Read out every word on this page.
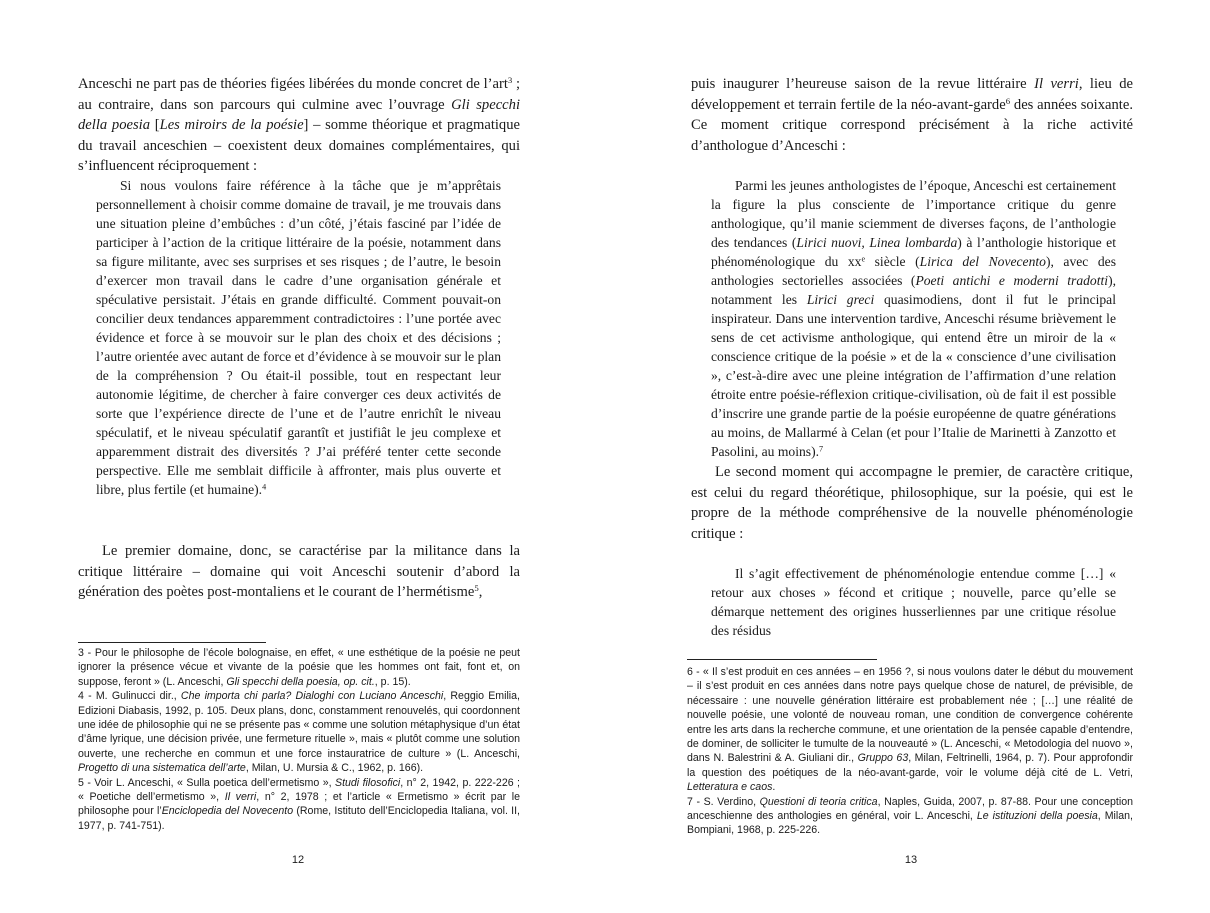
Anceschi ne part pas de théories figées libérées du monde concret de l’art$^3$ ; au contraire, dans son parcours qui culmine avec l’ouvrage Gli specchi della poesia [Les miroirs de la poésie] – somme théorique et pragmatique du travail anceschien – coexistent deux domaines complémentaires, qui s’influencent réciproquement :

Si nous voulons faire référence à la tâche que je m’apprêtais personnellement à choisir comme domaine de travail, je me trouvais dans une situation pleine d’embûches : d’un côté, j’étais fasciné par l’idée de participer à l’action de la critique littéraire de la poésie, notamment dans sa figure militante, avec ses surprises et ses risques ; de l’autre, le besoin d’exercer mon travail dans le cadre d’une organisation générale et spéculative persistait. J’étais en grande difficulté. Comment pouvait-on concilier deux tendances apparemment contradictoires : l’une portée avec évidence et force à se mouvoir sur le plan des choix et des décisions ; l’autre orientée avec autant de force et d’évidence à se mouvoir sur le plan de la compréhension ? Ou était-il possible, tout en respectant leur autonomie légitime, de chercher à faire converger ces deux activités de sorte que l’expérience directe de l’une et de l’autre enrichît le niveau spéculatif, et le niveau spéculatif garantît et justifiât le jeu complexe et apparemment distrait des diversités ? J’ai préféré tenter cette seconde perspective. Elle me semblait difficile à affronter, mais plus ouverte et libre, plus fertile (et humaine).$^4$

Le premier domaine, donc, se caractérise par la militance dans la critique littéraire – domaine qui voit Anceschi soutenir d’abord la génération des poètes post-montaliens et le courant de l’hermétisme$^5$,

3 - Pour le philosophe de l’école bolognaise, en effet, « une esthétique de la poésie ne peut ignorer la présence vécue et vivante de la poésie que les hommes ont fait, font et, on suppose, feront » (L. Anceschi, Gli specchi della poesia, op. cit., p. 15).

4 - M. Gulinucci dir., Che importa chi parla? Dialoghi con Luciano Anceschi, Reggio Emilia, Edizioni Diabasis, 1992, p. 105. Deux plans, donc, constamment renouvelés, qui coordonnent une idée de philosophie qui ne se présente pas « comme une solution métaphysique d’un état d’âme lyrique, une décision privée, une fermeture rituelle », mais « plutôt comme une solution ouverte, une recherche en commun et une force instauratrice de culture » (L. Anceschi, Progetto di una sistematica dell’arte, Milan, U. Mursia & C., 1962, p. 166).

5 - Voir L. Anceschi, « Sulla poetica dell’ermetismo », Studi filosofici, n° 2, 1942, p. 222-226 ; « Poetiche dell’ermetismo », Il verri, n° 2, 1978 ; et l’article « Ermetismo » écrit par le philosophe pour l’Enciclopedia del Novecento (Rome, Istituto dell’Enciclopedia Italiana, vol. II, 1977, p. 741-751).

12

puis inaugurer l’heureuse saison de la revue littéraire Il verri, lieu de développement et terrain fertile de la néo-avant-garde$^6$ des années soixante. Ce moment critique correspond précisément à la riche activité d’anthologue d’Anceschi :

Parmi les jeunes anthologistes de l’époque, Anceschi est certainement la figure la plus consciente de l’importance critique du genre anthologique, qu’il manie sciemment de diverses façons, de l’anthologie des tendances (Lirici nuovi, Linea lombarda) à l’anthologie historique et phénoménologique du $xx^e$ siècle (Lirica del Novecento), avec des anthologies sectorielles associées (Poeti antichi e moderni tradotti), notamment les Lirici greci quasimodiens, dont il fut le principal inspirateur. Dans une intervention tardive, Anceschi résume brièvement le sens de cet activisme anthologique, qui entend être un miroir de la « conscience critique de la poésie » et de la « conscience d’une civilisation », c’est-à-dire avec une pleine intégration de l’affirmation d’une relation étroite entre poésie-réflexion critique-civilisation, où de fait il est possible d’inscrire une grande partie de la poésie européenne de quatre générations au moins, de Mallarmé à Celan (et pour l’Italie de Marinetti à Zanzotto et Pasolini, au moins).$^7$

Le second moment qui accompagne le premier, de caractère critique, est celui du regard théorétique, philosophique, sur la poésie, qui est le propre de la méthode compréhensive de la nouvelle phénoménologie critique :

Il s’agit effectivement de phénoménologie entendue comme […] « retour aux choses » fécond et critique ; nouvelle, parce qu’elle se démarque nettement des origines husserliennes par une critique résolue des résidus

6 - « Il s’est produit en ces années – en 1956 ?, si nous voulons dater le début du mouvement – il s’est produit en ces années dans notre pays quelque chose de naturel, de prévisible, de nécessaire : une nouvelle génération littéraire est probablement née ; […] une réalité de nouvelle poésie, une volonté de nouveau roman, une condition de convergence cohérente entre les arts dans la recherche commune, et une orientation de la pensée capable d’entendre, de dominer, de solliciter le tumulte de la nouveauté » (L. Anceschi, « Metodologia del nuovo », dans N. Balestrini & A. Giuliani dir., Gruppo 63, Milan, Feltrinelli, 1964, p. 7). Pour approfondir la question des poétiques de la néo-avant-garde, voir le volume déjà cité de L. Vetri, Letteratura e caos.

7 - S. Verdino, Questioni di teoria critica, Naples, Guida, 2007, p. 87-88. Pour une conception anceschienne des anthologies en général, voir L. Anceschi, Le istituzioni della poesia, Milan, Bompiani, 1968, p. 225-226.

13
